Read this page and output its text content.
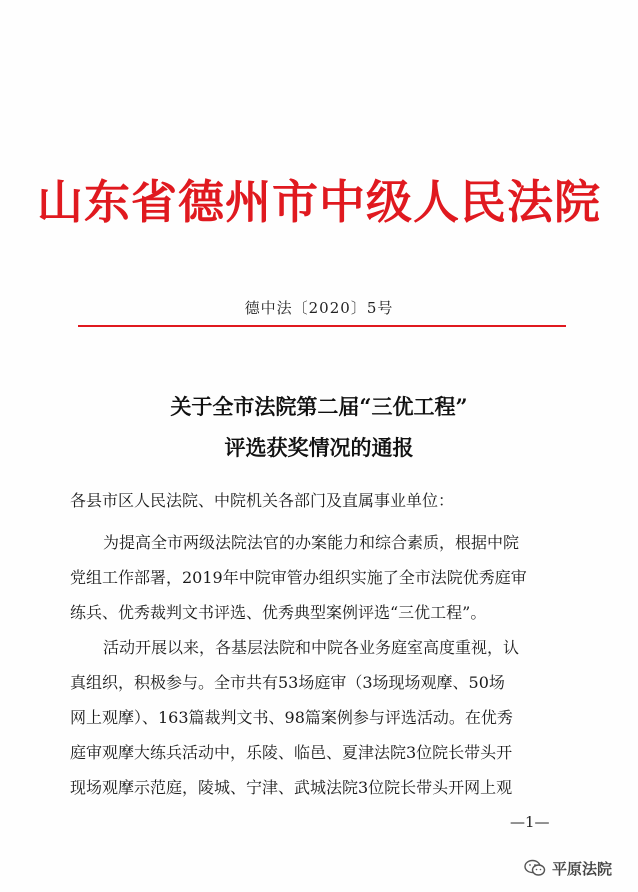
山东省德州市中级人民法院
德中法〔2020〕5号
关于全市法院第二届“三优工程”
评选获奖情况的通报
各县市区人民法院、中院机关各部门及直属事业单位：
为提高全市两级法院法官的办案能力和综合素质，根据中院
党组工作部署，2019年中院审管办组织实施了全市法院优秀庭审
练兵、优秀裁判文书评选、优秀典型案例评选“三优工程”。
活动开展以来，各基层法院和中院各业务庭室高度重视，认
真组织，积极参与。全市共有53场庭审（3场现场观摩、50场
网上观摩）、163篇裁判文书、98篇案例参与评选活动。在优秀
庭审观摩大练兵活动中，乐陵、临邑、夏津法院3位院长带头开
现场观摩示范庭，陵城、宁津、武城法院3位院长带头开网上观
—1—
平原法院
